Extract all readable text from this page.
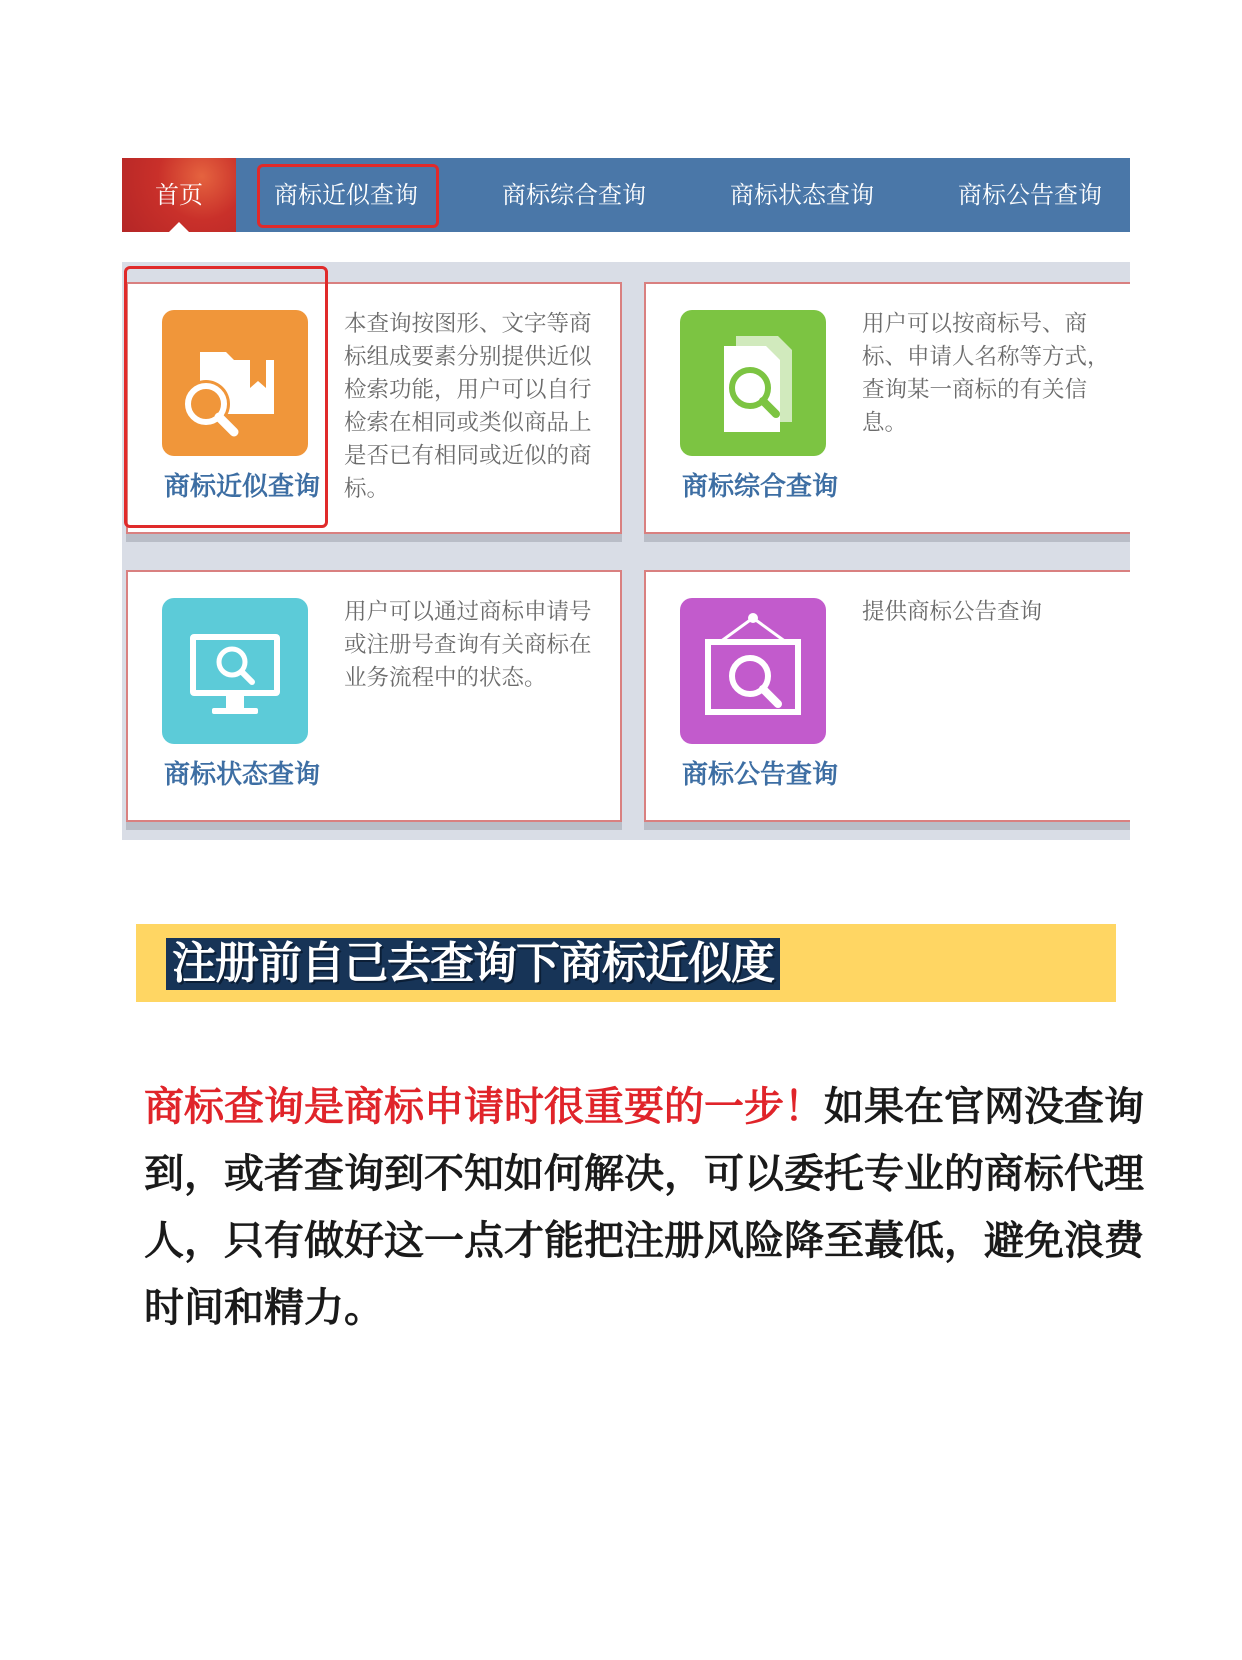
首页	商标近似查询	商标综合查询	商标状态查询	商标公告查询
商标近似查询
本查询按图形、文字等商标组成要素分别提供近似检索功能，用户可以自行检索在相同或类似商品上是否已有相同或近似的商标。	商标综合查询
用户可以按商标号、商标、申请人名称等方式，查询某一商标的有关信息。
商标状态查询
用户可以通过商标申请号或注册号查询有关商标在业务流程中的状态。
商标公告查询
提供商标公告查询
注册前自己去查询下商标近似度
商标查询是商标申请时很重要的一步！如果在官网没查询到，或者查询到不知如何解决，可以委托专业的商标代理人，只有做好这一点才能把注册风险降至蕞低，避免浪费时间和精力。
